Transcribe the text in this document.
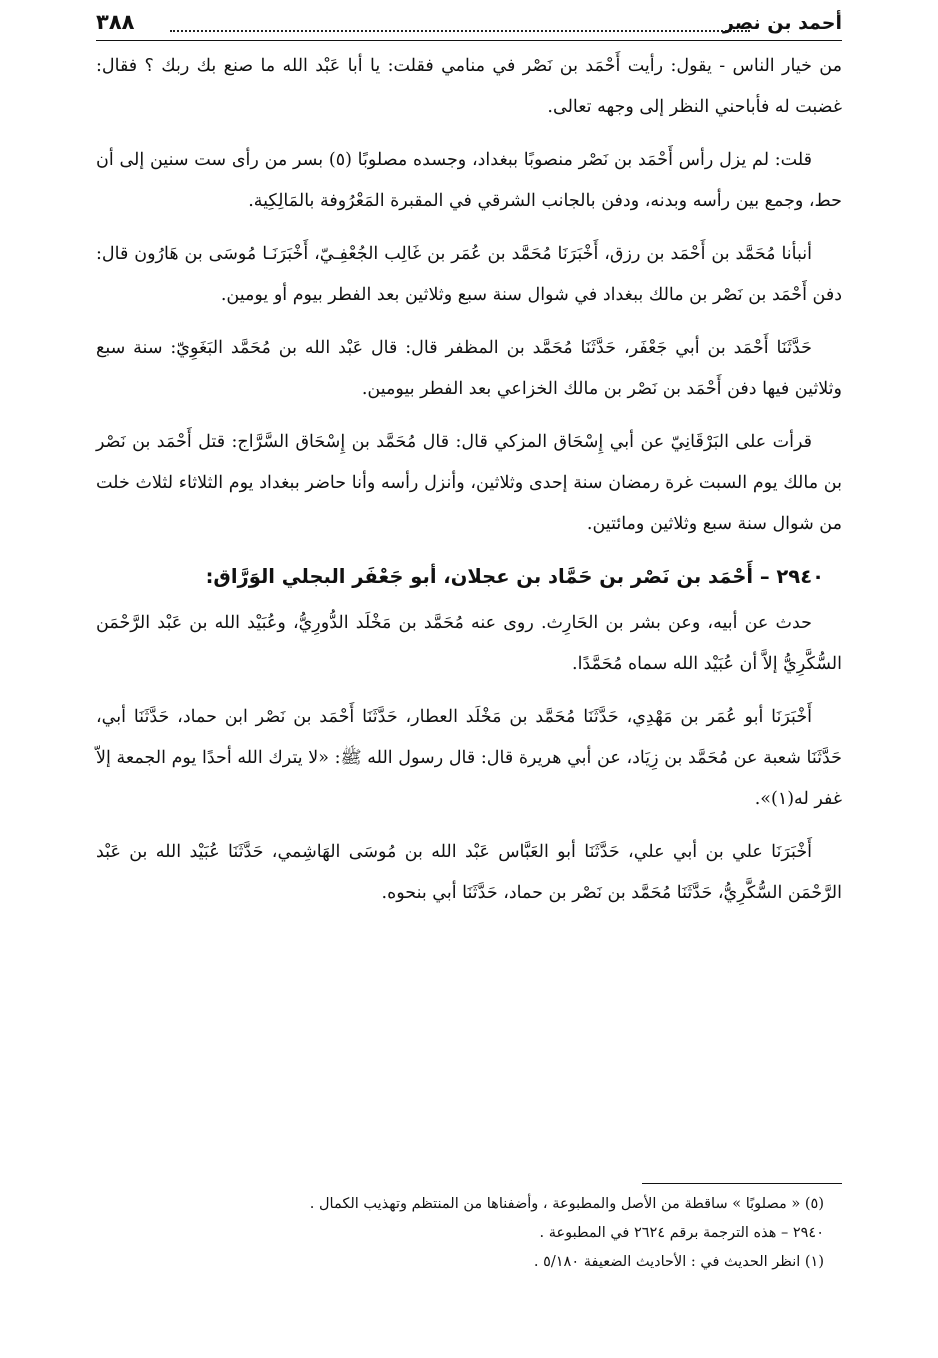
أحمد بن نصر
٣٨٨

من خيار الناس - يقول: رأيت أَحْمَد بن نَصْر في منامي فقلت: يا أبا عَبْد الله ما صنع بك ربك ؟ فقال: غضبت له فأباحني النظر إلى وجهه تعالى.

قلت: لم يزل رأس أَحْمَد بن نَصْر منصوبًا ببغداد، وجسده مصلوبًا (٥) بسر من رأى ست سنين إلى أن حط، وجمع بين رأسه وبدنه، ودفن بالجانب الشرقي في المقبرة المَعْرُوفة بالمَالِكِية.

أنبأنا مُحَمَّد بن أَحْمَد بن رزق، أَخْبَرَنَا مُحَمَّد بن عُمَر بن غَالِب الجُعْفِـيّ، أَخْبَرَنَـا مُوسَى بن هَارُون قال: دفن أَحْمَد بن نَصْر بن مالك ببغداد في شوال سنة سبع وثلاثين بعد الفطر بيوم أو يومين.

حَدَّثَنَا أَحْمَد بن أبي جَعْفَر، حَدَّثَنَا مُحَمَّد بن المظفر قال: قال عَبْد الله بن مُحَمَّد البَغَوِيّ: سنة سبع وثلاثين فيها دفن أَحْمَد بن نَصْر بن مالك الخزاعي بعد الفطر بيومين.

قرأت على البَرْقَانِيّ عن أبي إِسْحَاق المزكي قال: قال مُحَمَّد بن إِسْحَاق السَّرَّاج: قتل أَحْمَد بن نَصْر بن مالك يوم السبت غرة رمضان سنة إحدى وثلاثين، وأنزل رأسه وأنا حاضر ببغداد يوم الثلاثاء لثلاث خلت من شوال سنة سبع وثلاثين ومائتين.

٢٩٤٠ – أَحْمَد بن نَصْر بن حَمَّاد بن عجلان، أبو جَعْفَر البجلي الوَرَّاق:

حدث عن أبيه، وعن بشر بن الحَارِث. روى عنه مُحَمَّد بن مَخْلَد الدُّورِيُّ، وعُبَيْد الله بن عَبْد الرَّحْمَن السُّكَّرِيُّ إلاَّ أن عُبَيْد الله سماه مُحَمَّدًا.

أَخْبَرَنَا أبو عُمَر بن مَهْدِي، حَدَّثَنَا مُحَمَّد بن مَخْلَد العطار، حَدَّثَنَا أَحْمَد بن نَصْر ابن حماد، حَدَّثَنَا أبي، حَدَّثَنَا شعبة عن مُحَمَّد بن زِيَاد، عن أبي هريرة قال: قال رسول الله ﷺ: «لا يترك الله أحدًا يوم الجمعة إلاّ غفر له(١)».

أَخْبَرَنَا علي بن أبي علي، حَدَّثَنَا أبو العَبَّاس عَبْد الله بن مُوسَى الهَاشِمي، حَدَّثَنَا عُبَيْد الله بن عَبْد الرَّحْمَن السُّكَّرِيُّ، حَدَّثَنَا مُحَمَّد بن نَصْر بن حماد، حَدَّثَنَا أبي بنحوه.

(٥) « مصلوبًا » ساقطة من الأصل والمطبوعة ، وأضفناها من المنتظم وتهذيب الكمال .

٢٩٤٠ – هذه الترجمة برقم ٢٦٢٤ في المطبوعة .

(١) انظر الحديث في : الأحاديث الضعيفة ٥/١٨٠ .
